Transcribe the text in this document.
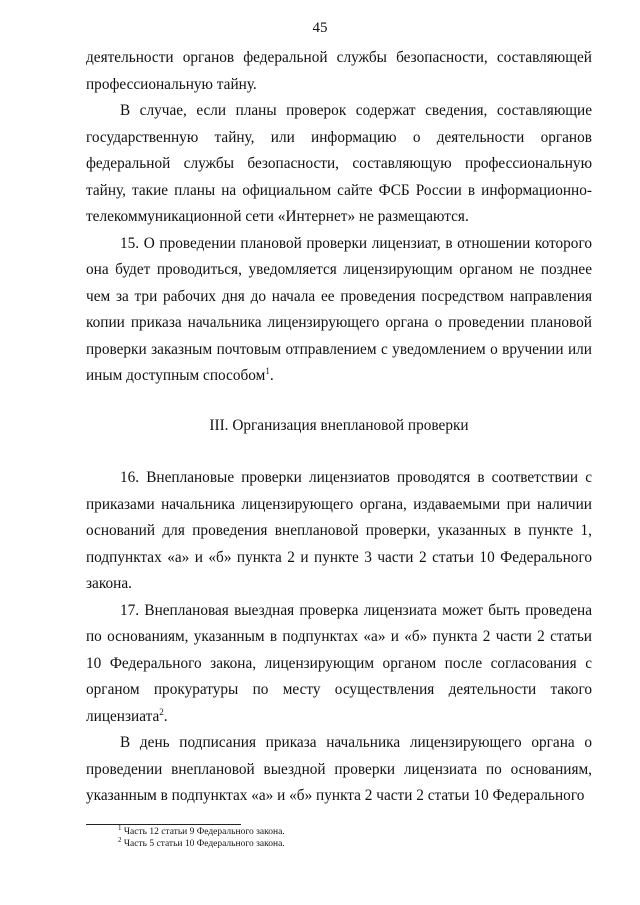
45

деятельности органов федеральной службы безопасности, составляющей профессиональную тайну.

В случае, если планы проверок содержат сведения, составляющие государственную тайну, или информацию о деятельности органов федеральной службы безопасности, составляющую профессиональную тайну, такие планы на официальном сайте ФСБ России в информационно-телекоммуникационной сети «Интернет» не размещаются.

15. О проведении плановой проверки лицензиат, в отношении которого она будет проводиться, уведомляется лицензирующим органом не позднее чем за три рабочих дня до начала ее проведения посредством направления копии приказа начальника лицензирующего органа о проведении плановой проверки заказным почтовым отправлением с уведомлением о вручении или иным доступным способом$^1$.

III. Организация внеплановой проверки

16. Внеплановые проверки лицензиатов проводятся в соответствии с приказами начальника лицензирующего органа, издаваемыми при наличии оснований для проведения внеплановой проверки, указанных в пункте 1, подпунктах «а» и «б» пункта 2 и пункте 3 части 2 статьи 10 Федерального закона.

17. Внеплановая выездная проверка лицензиата может быть проведена по основаниям, указанным в подпунктах «а» и «б» пункта 2 части 2 статьи 10 Федерального закона, лицензирующим органом после согласования с органом прокуратуры по месту осуществления деятельности такого лицензиата$^2$.

В день подписания приказа начальника лицензирующего органа о проведении внеплановой выездной проверки лицензиата по основаниям, указанным в подпунктах «а» и «б» пункта 2 части 2 статьи 10 Федерального

$^1$ Часть 12 статьи 9 Федерального закона.
$^2$ Часть 5 статьи 10 Федерального закона.
